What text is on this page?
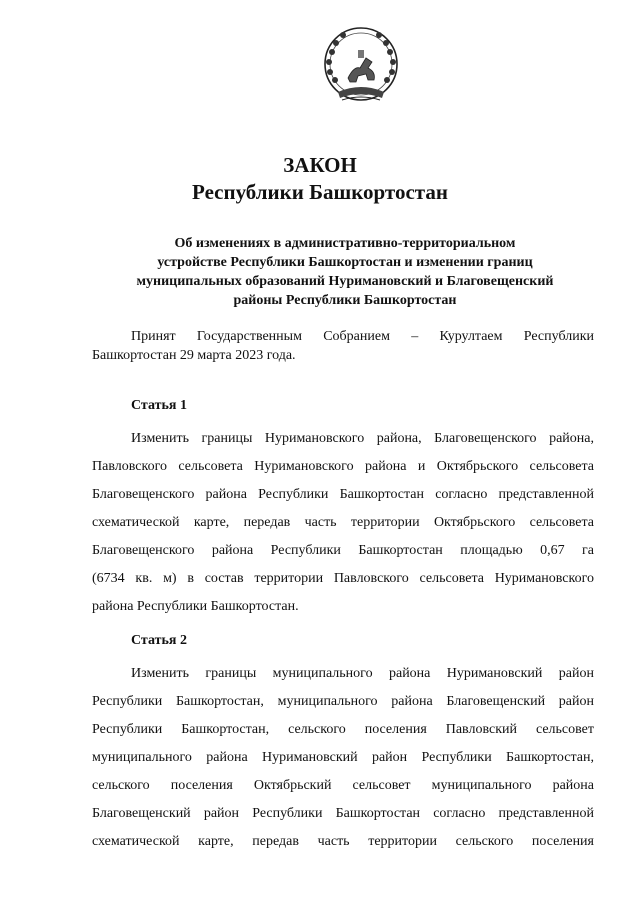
ЗАКОН
Республики Башкортостан
Об изменениях в административно-территориальном
устройстве Республики Башкортостан и изменении границ
муниципальных образований Нуримановский и Благовещенский
районы Республики Башкортостан
Принят Государственным Собранием – Курултаем Республики
Башкортостан 29 марта 2023 года.
Статья 1
Изменить границы Нуримановского района, Благовещенского района,
Павловского сельсовета Нуримановского района и Октябрьского сельсовета
Благовещенского района Республики Башкортостан согласно представленной
схематической карте, передав часть территории Октябрьского сельсовета
Благовещенского района Республики Башкортостан площадью 0,67 га
(6734 кв. м) в состав территории Павловского сельсовета Нуримановского
района Республики Башкортостан.
Статья 2
Изменить границы муниципального района Нуримановский район
Республики Башкортостан, муниципального района Благовещенский район
Республики Башкортостан, сельского поселения Павловский сельсовет
муниципального района Нуримановский район Республики Башкортостан,
сельского поселения Октябрьский сельсовет муниципального района
Благовещенский район Республики Башкортостан согласно представленной
схематической карте, передав часть территории сельского поселения
